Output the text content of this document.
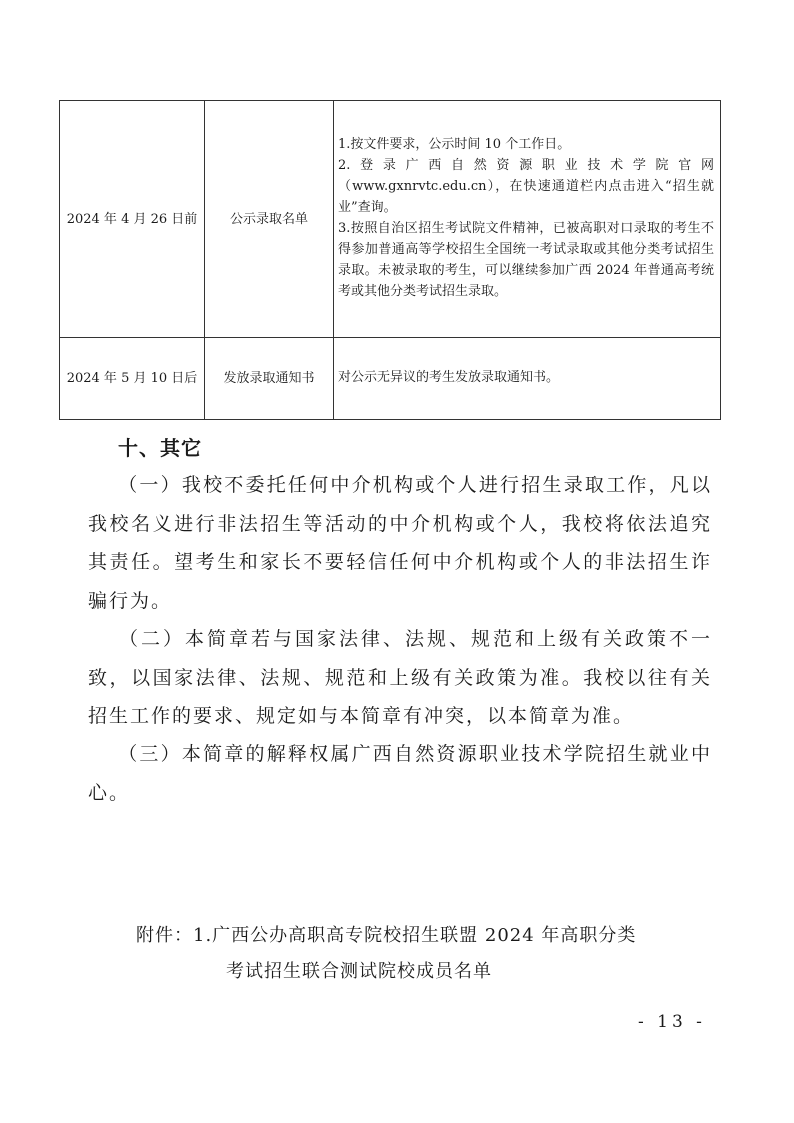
2024 年 4 月 26 日前	公示录取名单	1.按文件要求，公示时间 10 个工作日。
2.登录广西自然资源职业技术学院官网（www.gxnrvtc.edu.cn），在快速通道栏内点击进入“招生就业”查询。
3.按照自治区招生考试院文件精神，已被高职对口录取的考生不得参加普通高等学校招生全国统一考试录取或其他分类考试招生录取。未被录取的考生，可以继续参加广西 2024 年普通高考统考或其他分类考试招生录取。

2024 年 5 月 10 日后	发放录取通知书	对公示无异议的考生发放录取通知书。
十、其它

（一）我校不委托任何中介机构或个人进行招生录取工作，凡以我校名义进行非法招生等活动的中介机构或个人，我校将依法追究其责任。望考生和家长不要轻信任何中介机构或个人的非法招生诈骗行为。

（二）本简章若与国家法律、法规、规范和上级有关政策不一致，以国家法律、法规、规范和上级有关政策为准。我校以往有关招生工作的要求、规定如与本简章有冲突，以本简章为准。

（三）本简章的解释权属广西自然资源职业技术学院招生就业中心。

附件：1.广西公办高职高专院校招生联盟 2024 年高职分类
考试招生联合测试院校成员名单

- 13 -
